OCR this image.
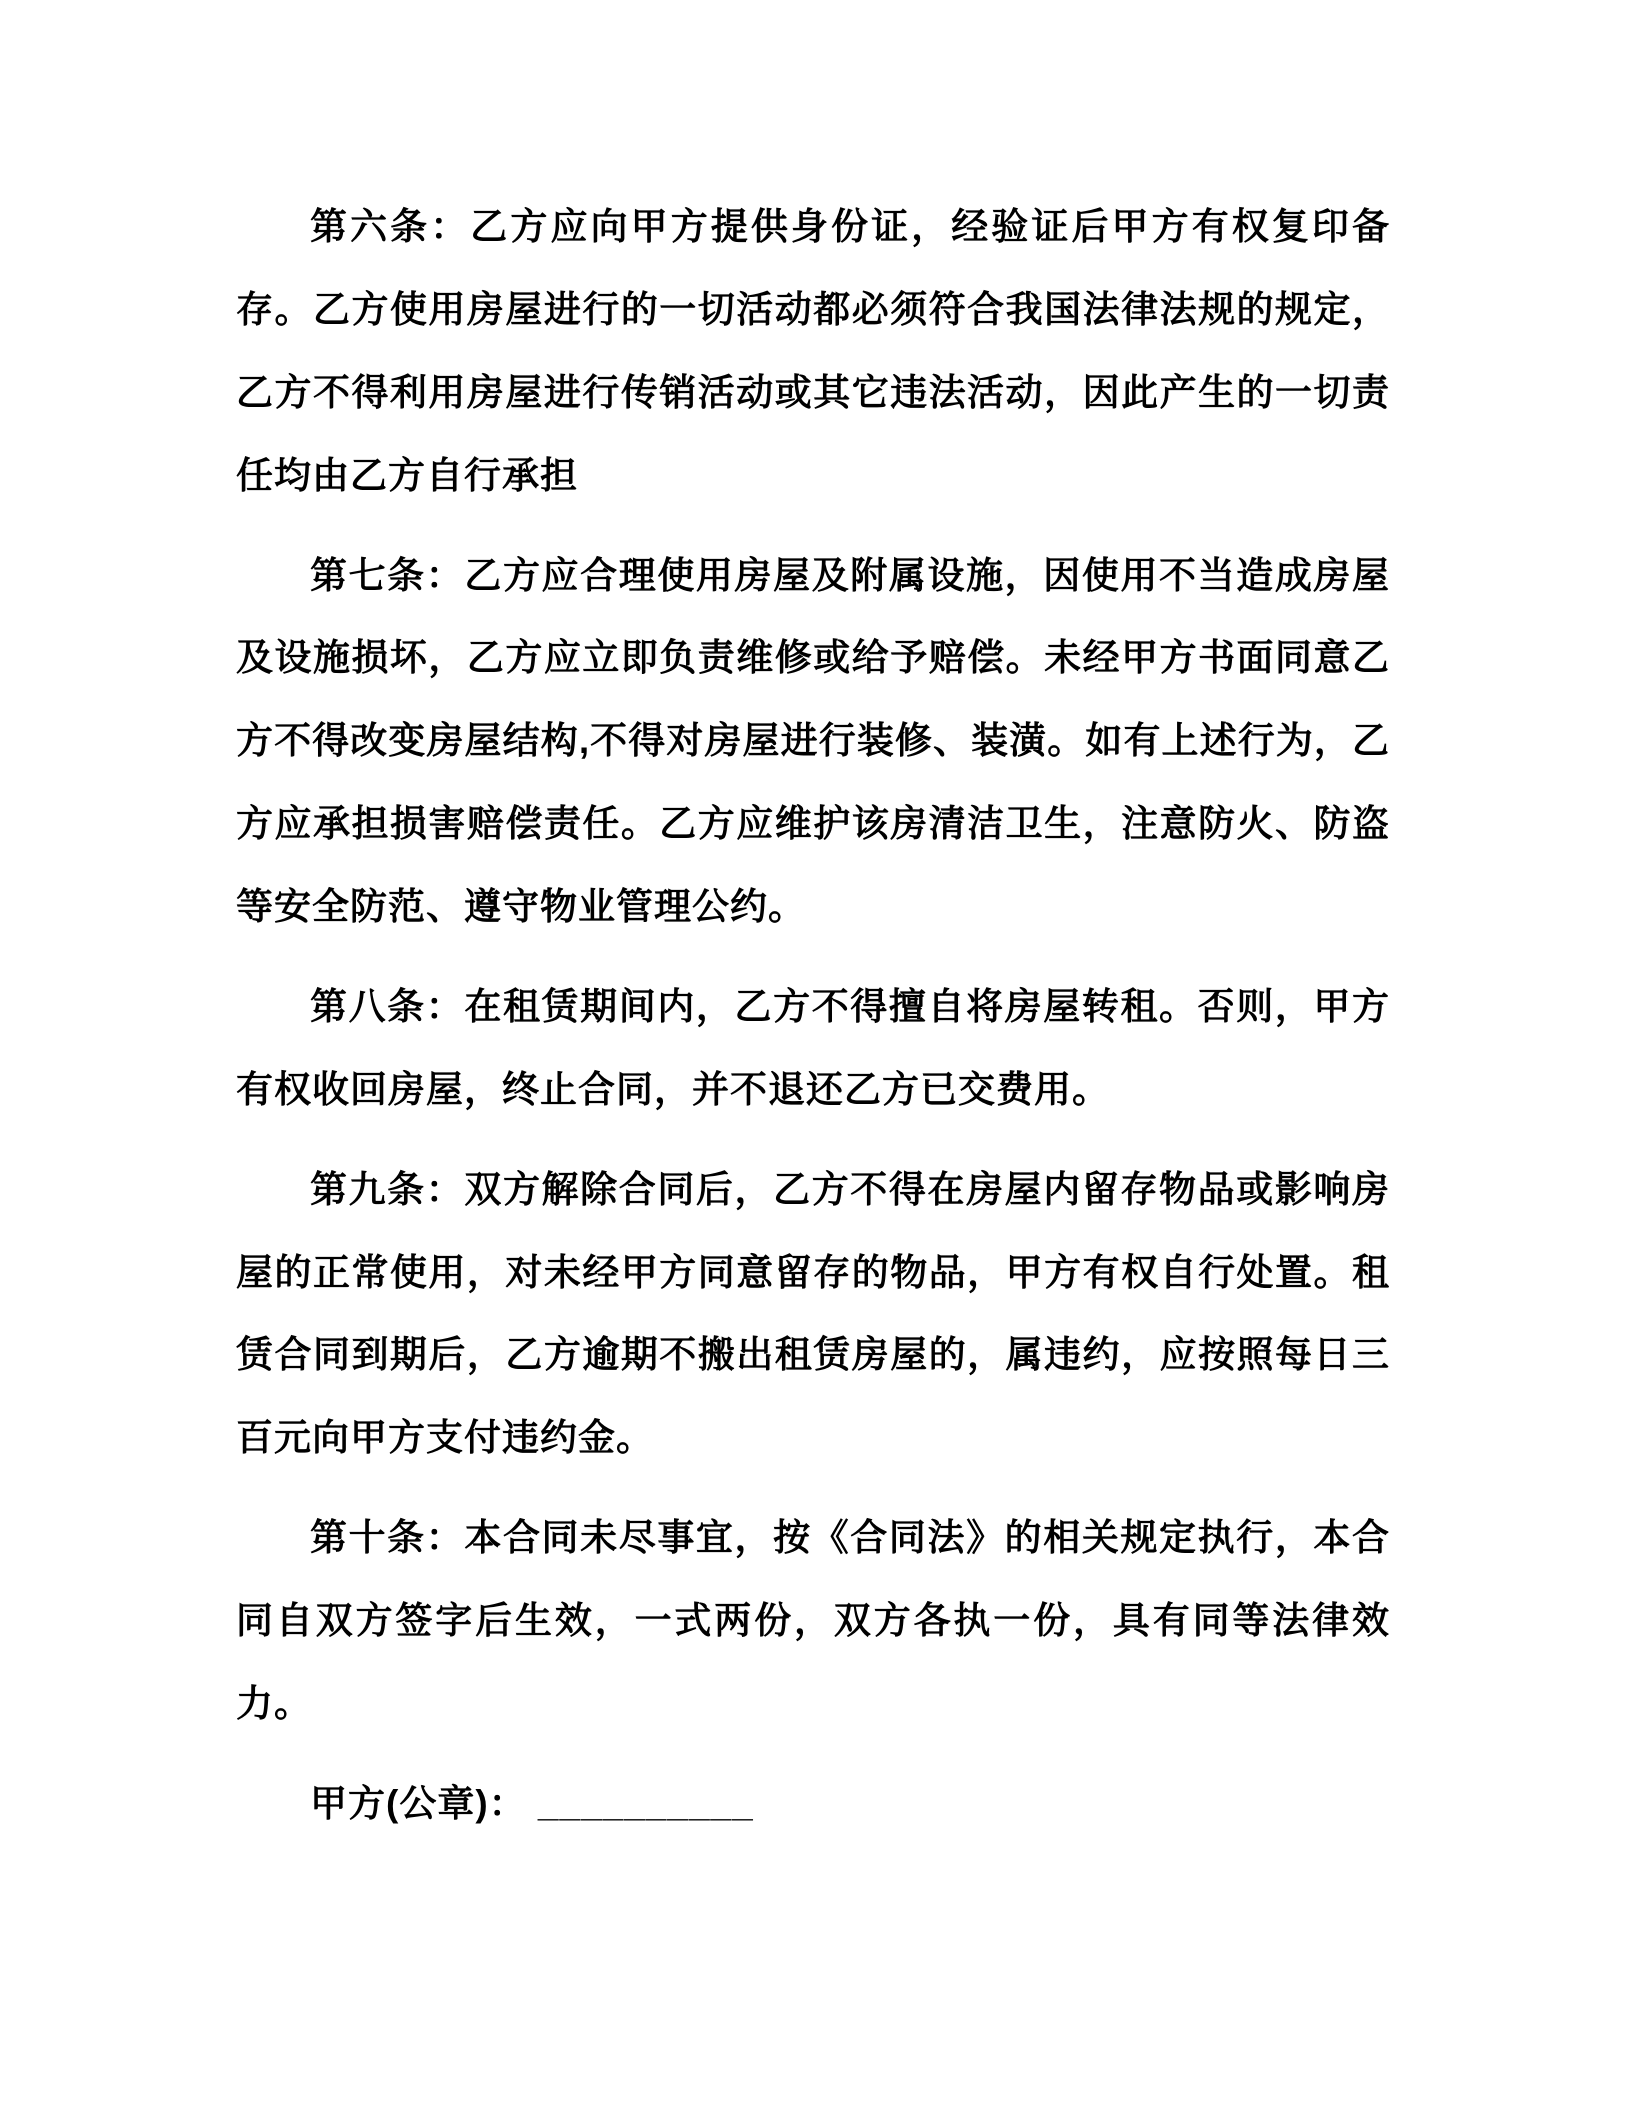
第六条：乙方应向甲方提供身份证，经验证后甲方有权复印备存。乙方使用房屋进行的一切活动都必须符合我国法律法规的规定，乙方不得利用房屋进行传销活动或其它违法活动，因此产生的一切责任均由乙方自行承担

第七条：乙方应合理使用房屋及附属设施，因使用不当造成房屋及设施损坏，乙方应立即负责维修或给予赔偿。未经甲方书面同意乙方不得改变房屋结构,不得对房屋进行装修、装潢。如有上述行为，乙方应承担损害赔偿责任。乙方应维护该房清洁卫生，注意防火、防盗等安全防范、遵守物业管理公约。

第八条：在租赁期间内，乙方不得擅自将房屋转租。否则，甲方有权收回房屋，终止合同，并不退还乙方已交费用。

第九条：双方解除合同后，乙方不得在房屋内留存物品或影响房屋的正常使用，对未经甲方同意留存的物品，甲方有权自行处置。租赁合同到期后，乙方逾期不搬出租赁房屋的，属违约，应按照每日三百元向甲方支付违约金。

第十条：本合同未尽事宜，按《合同法》的相关规定执行，本合同自双方签字后生效，一式两份，双方各执一份，具有同等法律效力。

甲方(公章)： __________
